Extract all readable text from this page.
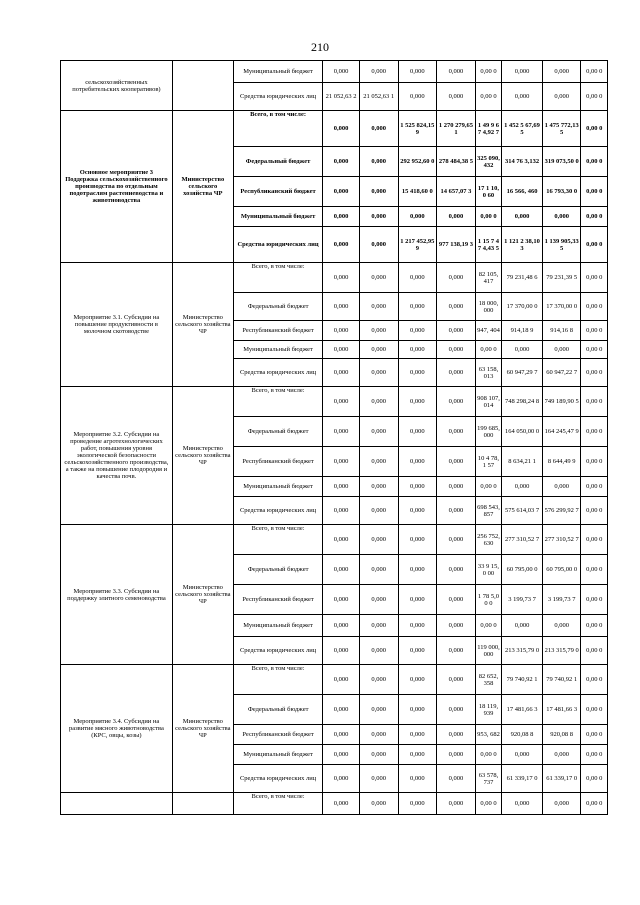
210
сельскохозяйственных потребительских кооперативов)		Муниципальный бюджет	0,000	0,000	0,000	0,000	0,00 0	0,000	0,000	0,00 0
		Средства юридических лиц	21 052,63 2	21 052,63 1	0,000	0,000	0,00 0	0,000	0,000	0,00 0
Основное мероприятие 3 Поддержка сельскохозяйственного производства по отдельным подотраслям растениеводства и животноводства	Министерство сельского хозяйства ЧР	Всего, в том числе:	0,000	0,000	1 525 824,15 9	1 270 279,65 1	1 49 9 67 4,92 7	1 452 5 67,695	1 475 772,13 5	0,00 0
		Федеральный бюджет	0,000	0,000	292 952,60 0	278 484,38 5	325 090, 432	314 76 3,132	319 073,50 0	0,00 0
		Республиканский бюджет	0,000	0,000	15 418,60 0	14 657,07 3	17 1 10,0 60	16 566, 460	16 793,30 0	0,00 0
		Муниципальный бюджет	0,000	0,000	0,000	0,000	0,00 0	0,000	0,000	0,00 0
		Средства юридических лиц	0,000	0,000	1 217 452,95 9	977 138,19 3	1 15 7 47 4,43 5	1 121 2 38,103	1 139 905,33 5	0,00 0
Мероприятие 3.1. Субсидии на повышение продуктивности в молочном скотоводстве	Министерство сельского хозяйства ЧР	Всего, в том числе:	0,000	0,000	0,000	0,000	82 105, 417	79 231,48 6	79 231,39 5	0,00 0
		Федеральный бюджет	0,000	0,000	0,000	0,000	18 000, 000	17 370,00 0	17 370,00 0	0,00 0
		Республиканский бюджет	0,000	0,000	0,000	0,000	947, 404	914,18 9	914,16 8	0,00 0
		Муниципальный бюджет	0,000	0,000	0,000	0,000	0,00 0	0,000	0,000	0,00 0
		Средства юридических лиц	0,000	0,000	0,000	0,000	63 158, 013	60 947,29 7	60 947,22 7	0,00 0
Мероприятие 3.2. Субсидии на проведение агротехнологических работ, повышения уровня экологической безопасности сельскохозяйственного производства, а также на повышение плодородия и качества почв.	Министерство сельского хозяйства ЧР	Всего, в том числе:	0,000	0,000	0,000	0,000	908 107, 014	748 298,24 8	749 189,90 5	0,00 0
		Федеральный бюджет	0,000	0,000	0,000	0,000	199 685, 000	164 050,00 0	164 245,47 9	0,00 0
		Республиканский бюджет	0,000	0,000	0,000	0,000	10 4 78,1 57	8 634,21 1	8 644,49 9	0,00 0
		Муниципальный бюджет	0,000	0,000	0,000	0,000	0,00 0	0,000	0,000	0,00 0
		Средства юридических лиц	0,000	0,000	0,000	0,000	698 543, 857	575 614,03 7	576 299,92 7	0,00 0
Мероприятие 3.3. Субсидии на поддержку элитного семеноводства	Министерство сельского хозяйства ЧР	Всего, в том числе:	0,000	0,000	0,000	0,000	256 752, 630	277 310,52 7	277 310,52 7	0,00 0
		Федеральный бюджет	0,000	0,000	0,000	0,000	33 9 15,0 00	60 795,00 0	60 795,00 0	0,00 0
		Республиканский бюджет	0,000	0,000	0,000	0,000	1 78 5,00 0	3 199,73 7	3 199,73 7	0,00 0
		Муниципальный бюджет	0,000	0,000	0,000	0,000	0,00 0	0,000	0,000	0,00 0
		Средства юридических лиц	0,000	0,000	0,000	0,000	119 000, 000	213 315,79 0	213 315,79 0	0,00 0
Мероприятие 3.4. Субсидии на развитие мясного животноводства (КРС, овцы, козы)	Министерство сельского хозяйства ЧР	Всего, в том числе:	0,000	0,000	0,000	0,000	82 652, 358	79 740,92 1	79 740,92 1	0,00 0
		Федеральный бюджет	0,000	0,000	0,000	0,000	18 119, 939	17 481,66 3	17 481,66 3	0,00 0
		Республиканский бюджет	0,000	0,000	0,000	0,000	953, 682	920,08 8	920,08 8	0,00 0
		Муниципальный бюджет	0,000	0,000	0,000	0,000	0,00 0	0,000	0,000	0,00 0
		Средства юридических лиц	0,000	0,000	0,000	0,000	63 578, 737	61 339,17 0	61 339,17 0	0,00 0
		Всего, в том числе:	0,000	0,000	0,000	0,000	0,00 0	0,000	0,000	0,00 0
